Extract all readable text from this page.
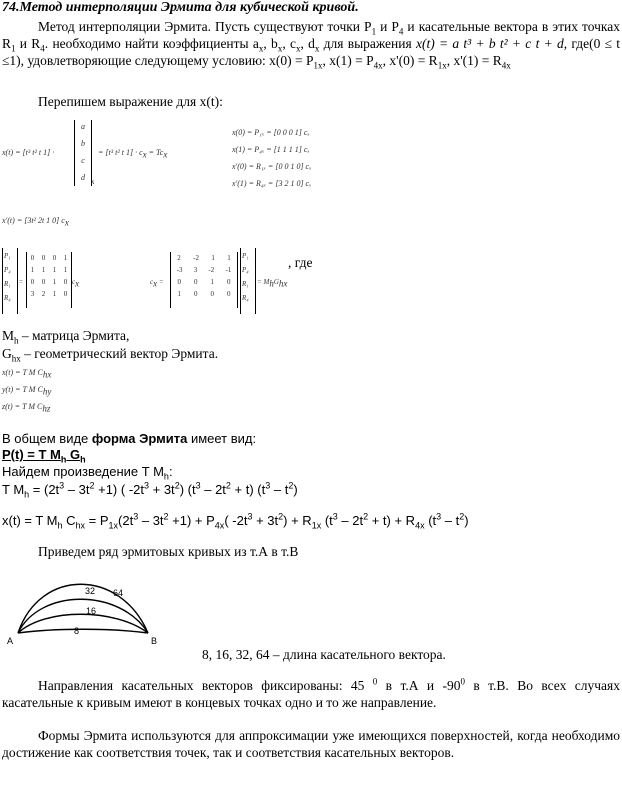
74.Метод интерполяции Эрмита для кубической кривой.
Метод интерполяции Эрмита. Пусть существуют точки $P_1$ и $P_4$ и касательные вектора в этих точках $R_1$ и $R_4$. необходимо найти коэффициенты $a_x$, $b_x$, $c_x$, $d_x$ для выражения x(t) = a t³ + b t² + c t + d, где(0 ≤ t ≤1), удовлетворяющие следующему условию: $x(0) = P_{1x}$, $x(1) = P_{4x}$, $x'(0) = R_{1x}$, $x'(1) = R_{4x}$
Перепишем выражение для x(t):
x(t) = [t³ t² t 1] ·
a
b
c
d x
= [t³ t² t $1] \cdot c_x = Tc_x$
x(0) = P₁ₓ = [0 0 0 1] cₓ
x(1) = P₄ₓ = [1 1 1 1] cₓ
x'(0) = R₁ₓ = [0 0 1 0] cₓ
x'(1) = R₄ₓ = [3 2 1 0] cₓ
x'(t) = [3t² 2t 1 0] $c_x$
P₁
P₄
R₁
R₄
=
0 0 0 1
1 1 1 1
0 0 1 0
3 2 1 0
$c_x$	$c_x$ =
2 -2 1 1
-3 3 -2 -1
0 0 1 0
1 0 0 0
P₁
P₄
R₁
R₄
= $M_hG_{hx}$
, где
$M_h$ – матрица Эрмита,
$G_{hx}$ – геометрический вектор Эрмита.
x(t) = T M $C_{hx}$
y(t) = T M $C_{hy}$
z(t) = T M $C_{hz}$
В общем виде форма Эрмита имеет вид:
P(t) = T $M_h$ $G_h$
Найдем произведение T $M_h$:
T $M_h = (2t^3 - 3t^2 +1)$ ( $-2t^3 + 3t^2$) $(t^3 - 2t^2 + t)$ $(t^3 - t^2)$
x(t) = T $M_h$ $C_{hx} = P_{1x}(2t^3 - 3t^2 +1) + P_{4x}$( $-2t^3 + 3t^2) + R_{1x}$ $(t^3 - 2t^2 + t) + R_{4x}$ $(t^3 - t^2)$
Приведем ряд эрмитовых кривых из т.А в т.В
64
32
16
8
A	B
8, 16, 32, 64 – длина касательного вектора.
Направления касательных векторов фиксированы: 45 $^0$ в т.А и $-90^0$ в т.В. Во всех случаях касательные к кривым имеют в концевых точках одно и то же направление.
Формы Эрмита используются для аппроксимации уже имеющихся поверхностей, когда необходимо достижение как соответствия точек, так и соответствия касательных векторов.
